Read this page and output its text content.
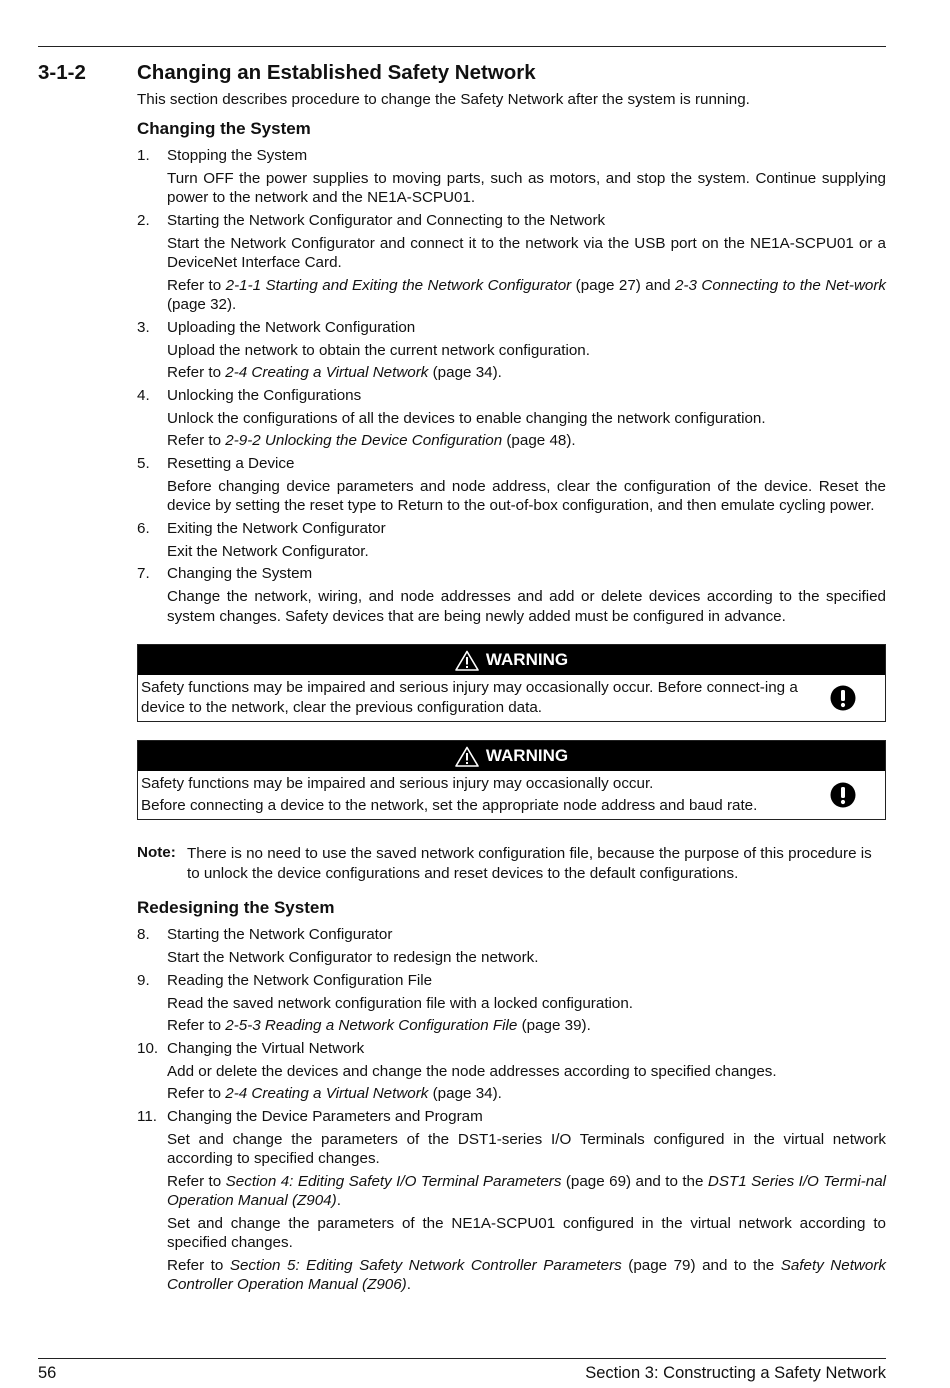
3-1-2 Changing an Established Safety Network

This section describes procedure to change the Safety Network after the system is running.

Changing the System
1.	Stopping the System

Turn OFF the power supplies to moving parts, such as motors, and stop the system. Continue supplying power to the network and the NE1A-SCPU01.

2.	Starting the Network Configurator and Connecting to the Network

Start the Network Configurator and connect it to the network via the USB port on the NE1A-SCPU01 or a DeviceNet Interface Card.

Refer to 2-1-1 Starting and Exiting the Network Configurator (page 27) and 2-3 Connecting to the Net-work (page 32).

3.	Uploading the Network Configuration

Upload the network to obtain the current network configuration.

Refer to 2-4 Creating a Virtual Network (page 34).

4.	Unlocking the Configurations

Unlock the configurations of all the devices to enable changing the network configuration.

Refer to 2-9-2 Unlocking the Device Configuration (page 48).

5.	Resetting a Device

Before changing device parameters and node address, clear the configuration of the device. Reset the device by setting the reset type to Return to the out-of-box configuration, and then emulate cycling power.

6.	Exiting the Network Configurator

Exit the Network Configurator.

7.	Changing the System

Change the network, wiring, and node addresses and add or delete devices according to the specified system changes. Safety devices that are being newly added must be configured in advance.

WARNING

Safety functions may be impaired and serious injury may occasionally occur. Before connect-ing a device to the network, clear the previous configuration data.

WARNING

Safety functions may be impaired and serious injury may occasionally occur.

Before connecting a device to the network, set the appropriate node address and baud rate.

Note: There is no need to use the saved network configuration file, because the purpose of this procedure is to unlock the device configurations and reset devices to the default configurations.

Redesigning the System
8.	Starting the Network Configurator

Start the Network Configurator to redesign the network.

9.	Reading the Network Configuration File

Read the saved network configuration file with a locked configuration.

Refer to 2-5-3 Reading a Network Configuration File (page 39).

10. Changing the Virtual Network

Add or delete the devices and change the node addresses according to specified changes.

Refer to 2-4 Creating a Virtual Network (page 34).

11. Changing the Device Parameters and Program

Set and change the parameters of the DST1-series I/O Terminals configured in the virtual network according to specified changes.

Refer to Section 4: Editing Safety I/O Terminal Parameters (page 69) and to the DST1 Series I/O Termi-nal Operation Manual (Z904).

Set and change the parameters of the NE1A-SCPU01 configured in the virtual network according to specified changes.

Refer to Section 5: Editing Safety Network Controller Parameters (page 79) and to the Safety Network Controller Operation Manual (Z906).

56	Section 3: Constructing a Safety Network
